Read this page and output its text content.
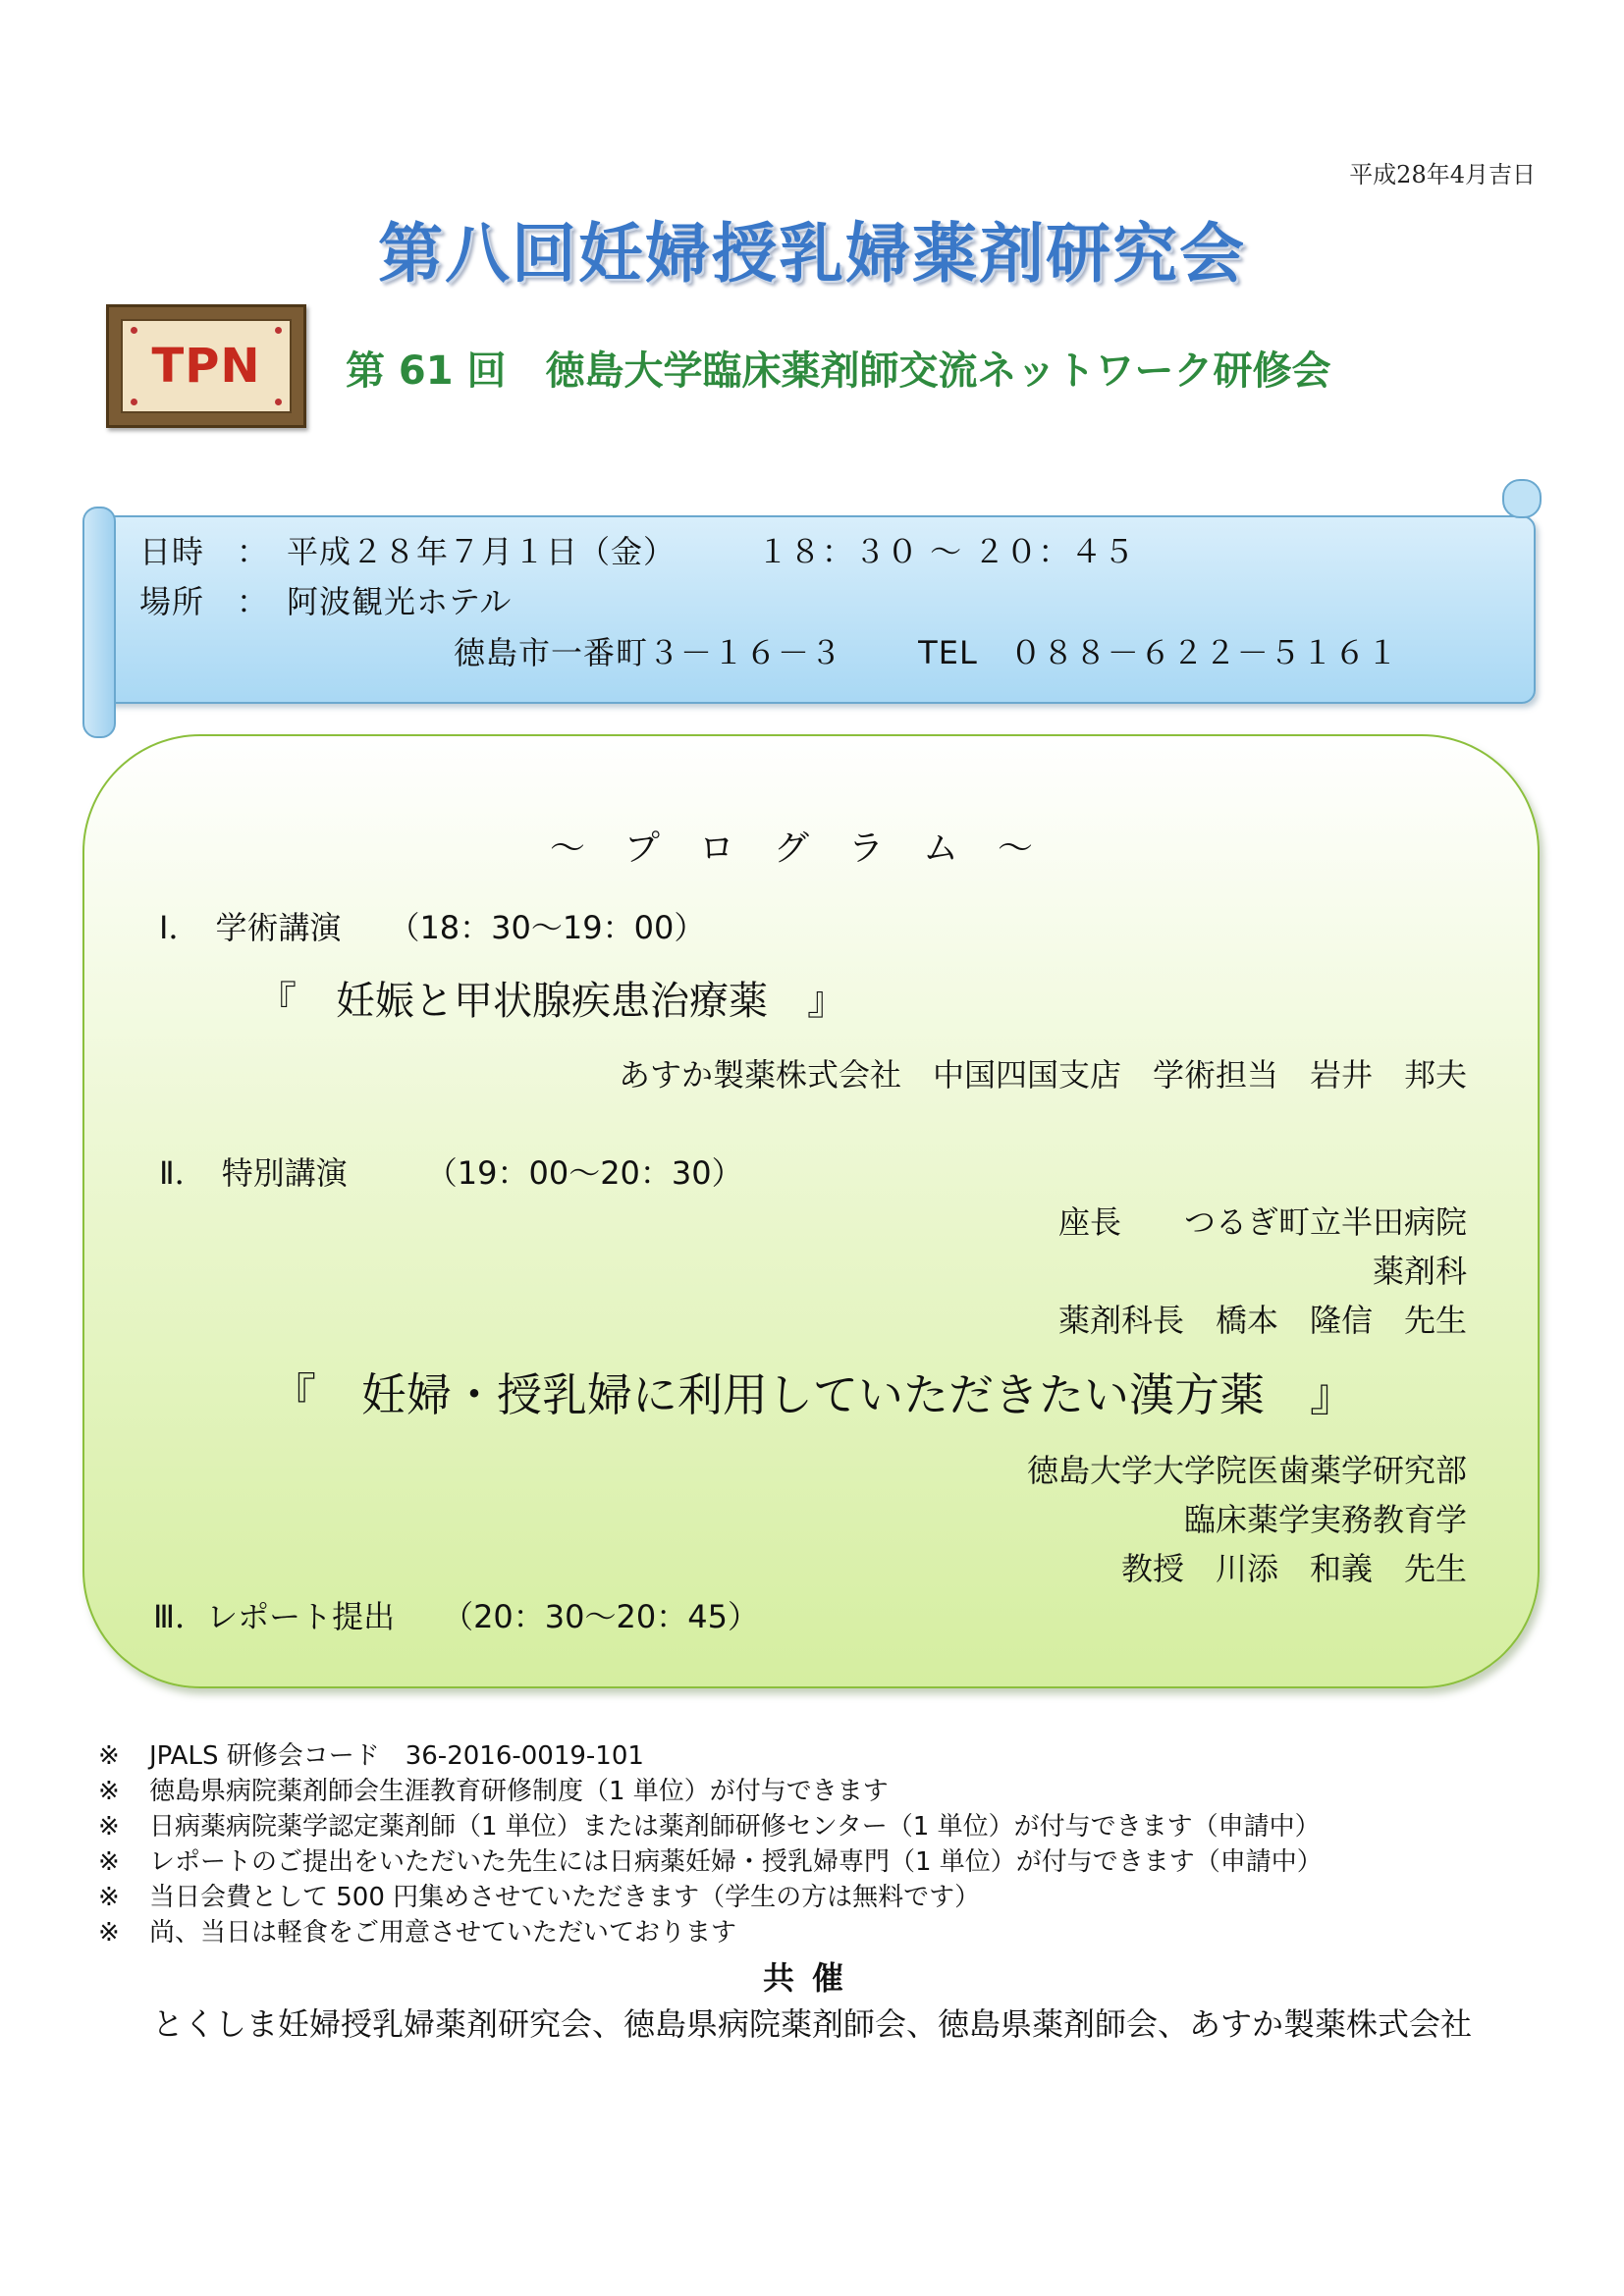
平成28年4月吉日
第八回妊婦授乳婦薬剤研究会
TPN 第 61 回　徳島大学臨床薬剤師交流ネットワーク研修会
日時　： 平成２８年７月１日（金）　　　１８：３０ ～ ２０：４５
場所　： 阿波観光ホテル
徳島市一番町３－１６－３　　 TEL　０８８－６２２－５１６１
～　プ　ロ　グ　ラ　ム　～
Ⅰ．　学術講演　　（18：30～19：00）
『　妊娠と甲状腺疾患治療薬　』
あすか製薬株式会社　中国四国支店　学術担当　岩井　邦夫
Ⅱ．　特別講演　　　（19：00～20：30）
座長　　つるぎ町立半田病院
薬剤科
薬剤科長　橋本　隆信　先生
『　妊婦・授乳婦に利用していただきたい漢方薬　』
徳島大学大学院医歯薬学研究部
臨床薬学実務教育学
教授　川添　和義　先生
Ⅲ．レポート提出　　（20：30～20：45）
※ JPALS 研修会コード　36-2016-0019-101
※ 徳島県病院薬剤師会生涯教育研修制度（1 単位）が付与できます
※ 日病薬病院薬学認定薬剤師（1 単位）または薬剤師研修センター（1 単位）が付与できます（申請中）
※ レポートのご提出をいただいた先生には日病薬妊婦・授乳婦専門（1 単位）が付与できます（申請中）
※ 当日会費として 500 円集めさせていただきます（学生の方は無料です）
※ 尚、当日は軽食をご用意させていただいております
共催
とくしま妊婦授乳婦薬剤研究会、徳島県病院薬剤師会、徳島県薬剤師会、あすか製薬株式会社
